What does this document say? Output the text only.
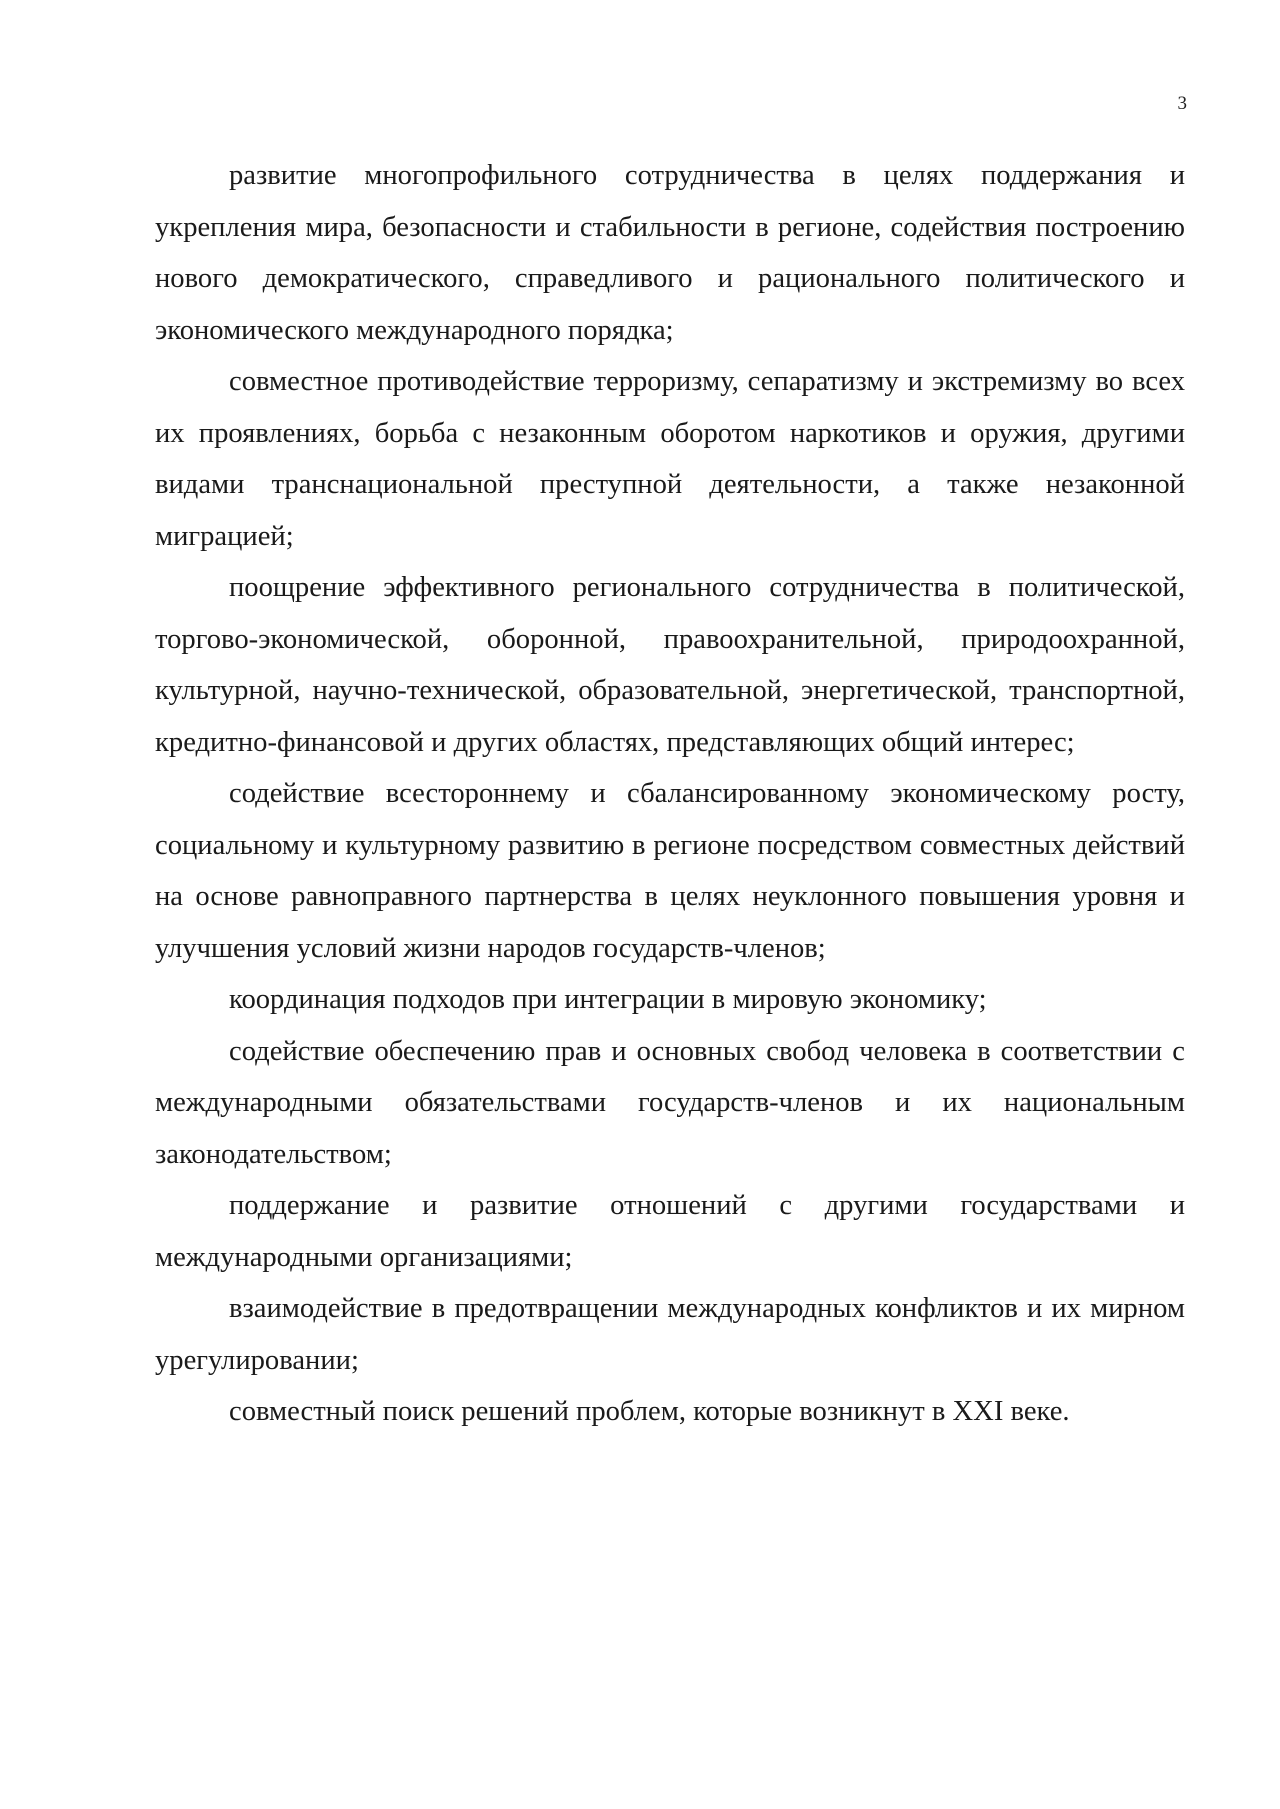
3

развитие многопрофильного сотрудничества в целях поддержания и укрепления мира, безопасности и стабильности в регионе, содействия построению нового демократического, справедливого и рационального политического и экономического международного порядка;

совместное противодействие терроризму, сепаратизму и экстремизму во всех их проявлениях, борьба с незаконным оборотом наркотиков и оружия, другими видами транснациональной преступной деятельности, а также незаконной миграцией;

поощрение эффективного регионального сотрудничества в политической, торгово-экономической, оборонной, правоохранительной, природоохранной, культурной, научно-технической, образовательной, энергетической, транспортной, кредитно-финансовой и других областях, представляющих общий интерес;

содействие всестороннему и сбалансированному экономическому росту, социальному и культурному развитию в регионе посредством совместных действий на основе равноправного партнерства в целях неуклонного повышения уровня и улучшения условий жизни народов государств-членов;

координация подходов при интеграции в мировую экономику;

содействие обеспечению прав и основных свобод человека в соответствии с международными обязательствами государств-членов и их национальным законодательством;

поддержание и развитие отношений с другими государствами и международными организациями;

взаимодействие в предотвращении международных конфликтов и их мирном урегулировании;

совместный поиск решений проблем, которые возникнут в XXI веке.
